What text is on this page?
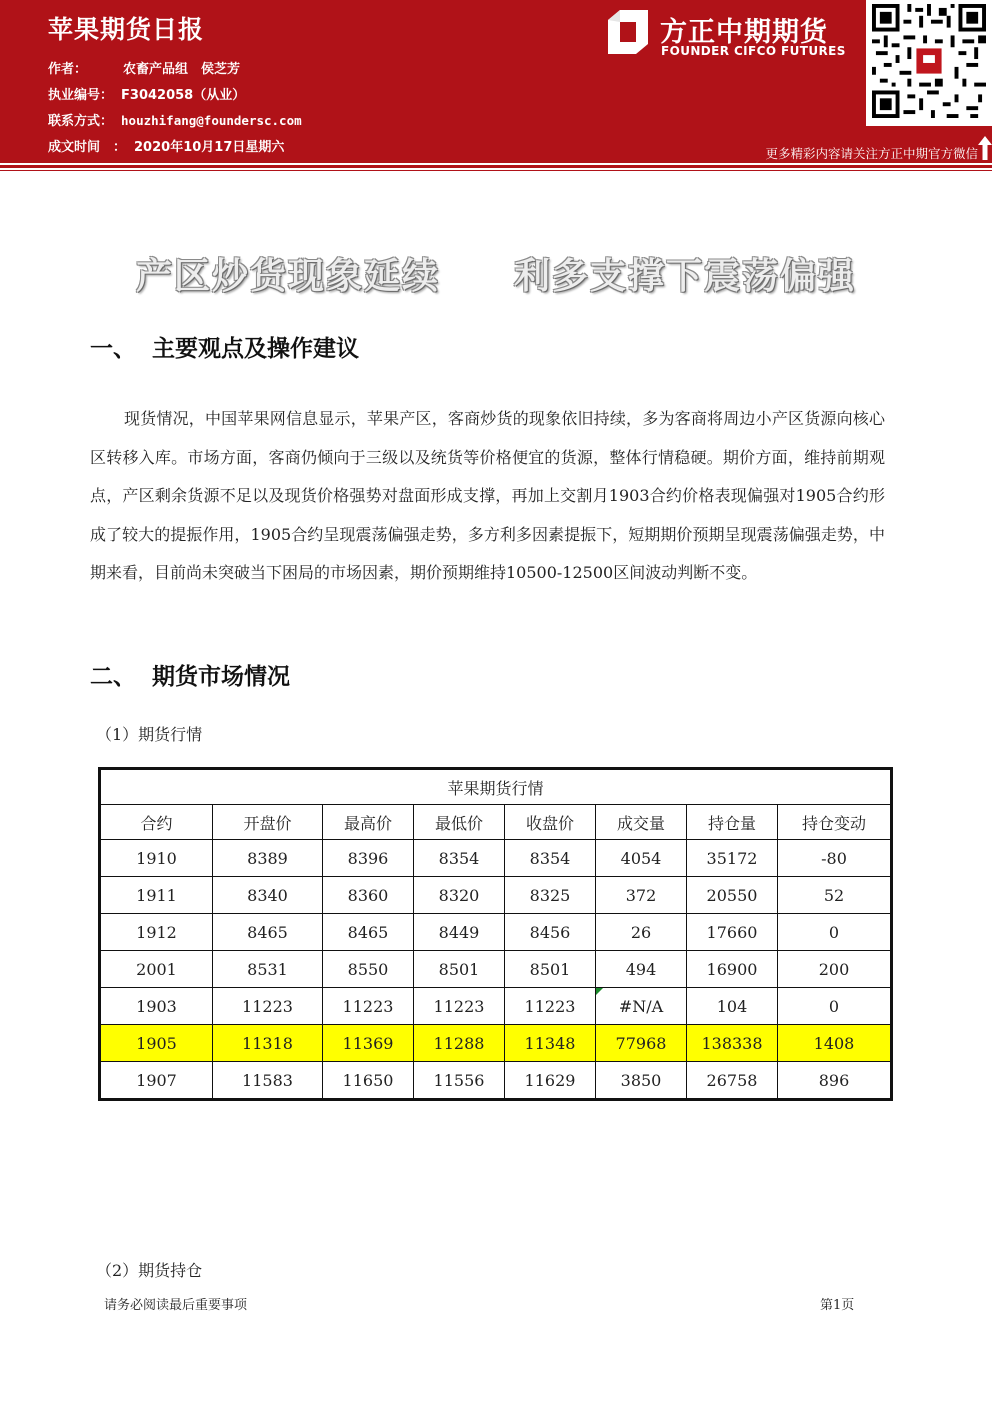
苹果期货日报
作者：	农畜产品组　侯芝芳
执业编号： F3042058（从业）
联系方式： houzhifang@foundersc.com
成文时间　： 2020年10月17日星期六
方正中期期货
FOUNDER CIFCO FUTURES
更多精彩内容请关注方正中期官方微信
产区炒货现象延续 利多支撑下震荡偏强
一、 主要观点及操作建议
现货情况，中国苹果网信息显示，苹果产区，客商炒货的现象依旧持续，多为客商将周边小产区货源向核心区转移入库。市场方面，客商仍倾向于三级以及统货等价格便宜的货源，整体行情稳硬。期价方面，维持前期观点，产区剩余货源不足以及现货价格强势对盘面形成支撑，再加上交割月1903合约价格表现偏强对1905合约形成了较大的提振作用，1905合约呈现震荡偏强走势，多方利多因素提振下，短期期价预期呈现震荡偏强走势，中期来看，目前尚未突破当下困局的市场因素，期价预期维持10500-12500区间波动判断不变。
二、 期货市场情况
（1）期货行情
苹果期货行情							
合约	开盘价	最高价	最低价	收盘价	成交量	持仓量	持仓变动
1910	8389	8396	8354	8354	4054	35172	-80
1911	8340	8360	8320	8325	372	20550	52
1912	8465	8465	8449	8456	26	17660	0
2001	8531	8550	8501	8501	494	16900	200
1903	11223	11223	11223	11223	#N/A	104	0
1905	11318	11369	11288	11348	77968	138338	1408
1907	11583	11650	11556	11629	3850	26758	896
（2）期货持仓
请务必阅读最后重要事项	第1页
